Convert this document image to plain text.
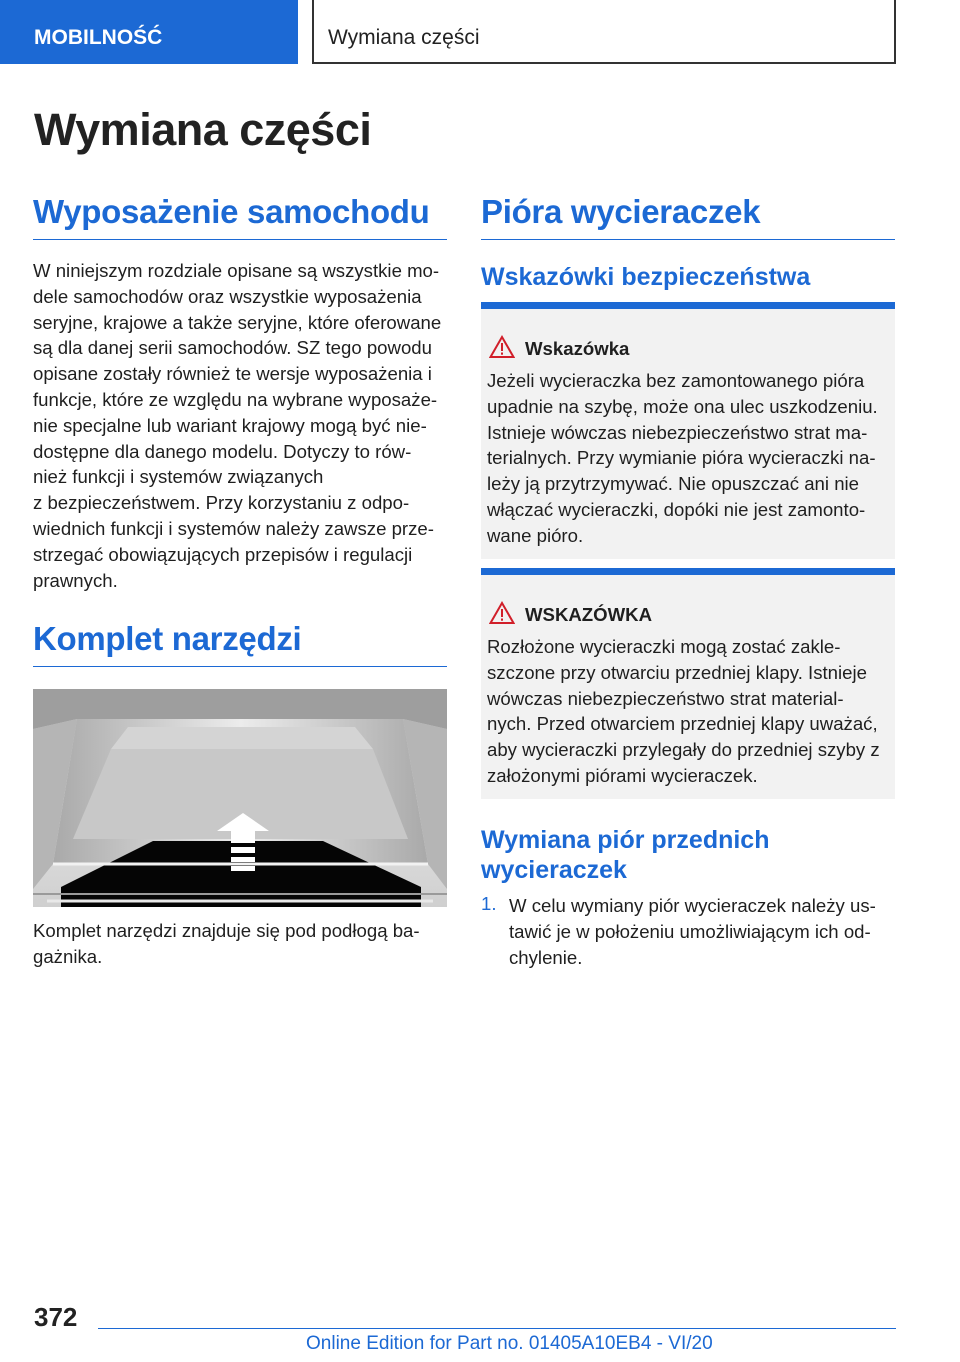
MOBILNOŚĆ	Wymiana części
Wymiana części
Wyposażenie samochodu
W niniejszym rozdziale opisane są wszystkie mo-
dele samochodów oraz wszystkie wyposażenia
seryjne, krajowe a także seryjne, które oferowane
są dla danej serii samochodów. SZ tego powodu
opisane zostały również te wersje wyposażenia i
funkcje, które ze względu na wybrane wyposaże-
nie specjalne lub wariant krajowy mogą być nie-
dostępne dla danego modelu. Dotyczy to rów-
nież funkcji i systemów związanych
z bezpieczeństwem. Przy korzystaniu z odpo-
wiednich funkcji i systemów należy zawsze prze-
strzegać obowiązujących przepisów i regulacji
prawnych.
Komplet narzędzi
Komplet narzędzi znajduje się pod podłogą ba-
gażnika.
Pióra wycieraczek
Wskazówki bezpieczeństwa
Wskazówka
Jeżeli wycieraczka bez zamontowanego pióra
upadnie na szybę, może ona ulec uszkodzeniu.
Istnieje wówczas niebezpieczeństwo strat ma-
terialnych. Przy wymianie pióra wycieraczki na-
leży ją przytrzymywać. Nie opuszczać ani nie
włączać wycieraczki, dopóki nie jest zamonto-
wane pióro.
WSKAZÓWKA
Rozłożone wycieraczki mogą zostać zakle-
szczone przy otwarciu przedniej klapy. Istnieje
wówczas niebezpieczeństwo strat material-
nych. Przed otwarciem przedniej klapy uważać,
aby wycieraczki przylegały do przedniej szyby z
założonymi piórami wycieraczek.
Wymiana piór przednich
wycieraczek
1. W celu wymiany piór wycieraczek należy us-
tawić je w położeniu umożliwiającym ich od-
chylenie.
372
Online Edition for Part no. 01405A10EB4 - VI/20
